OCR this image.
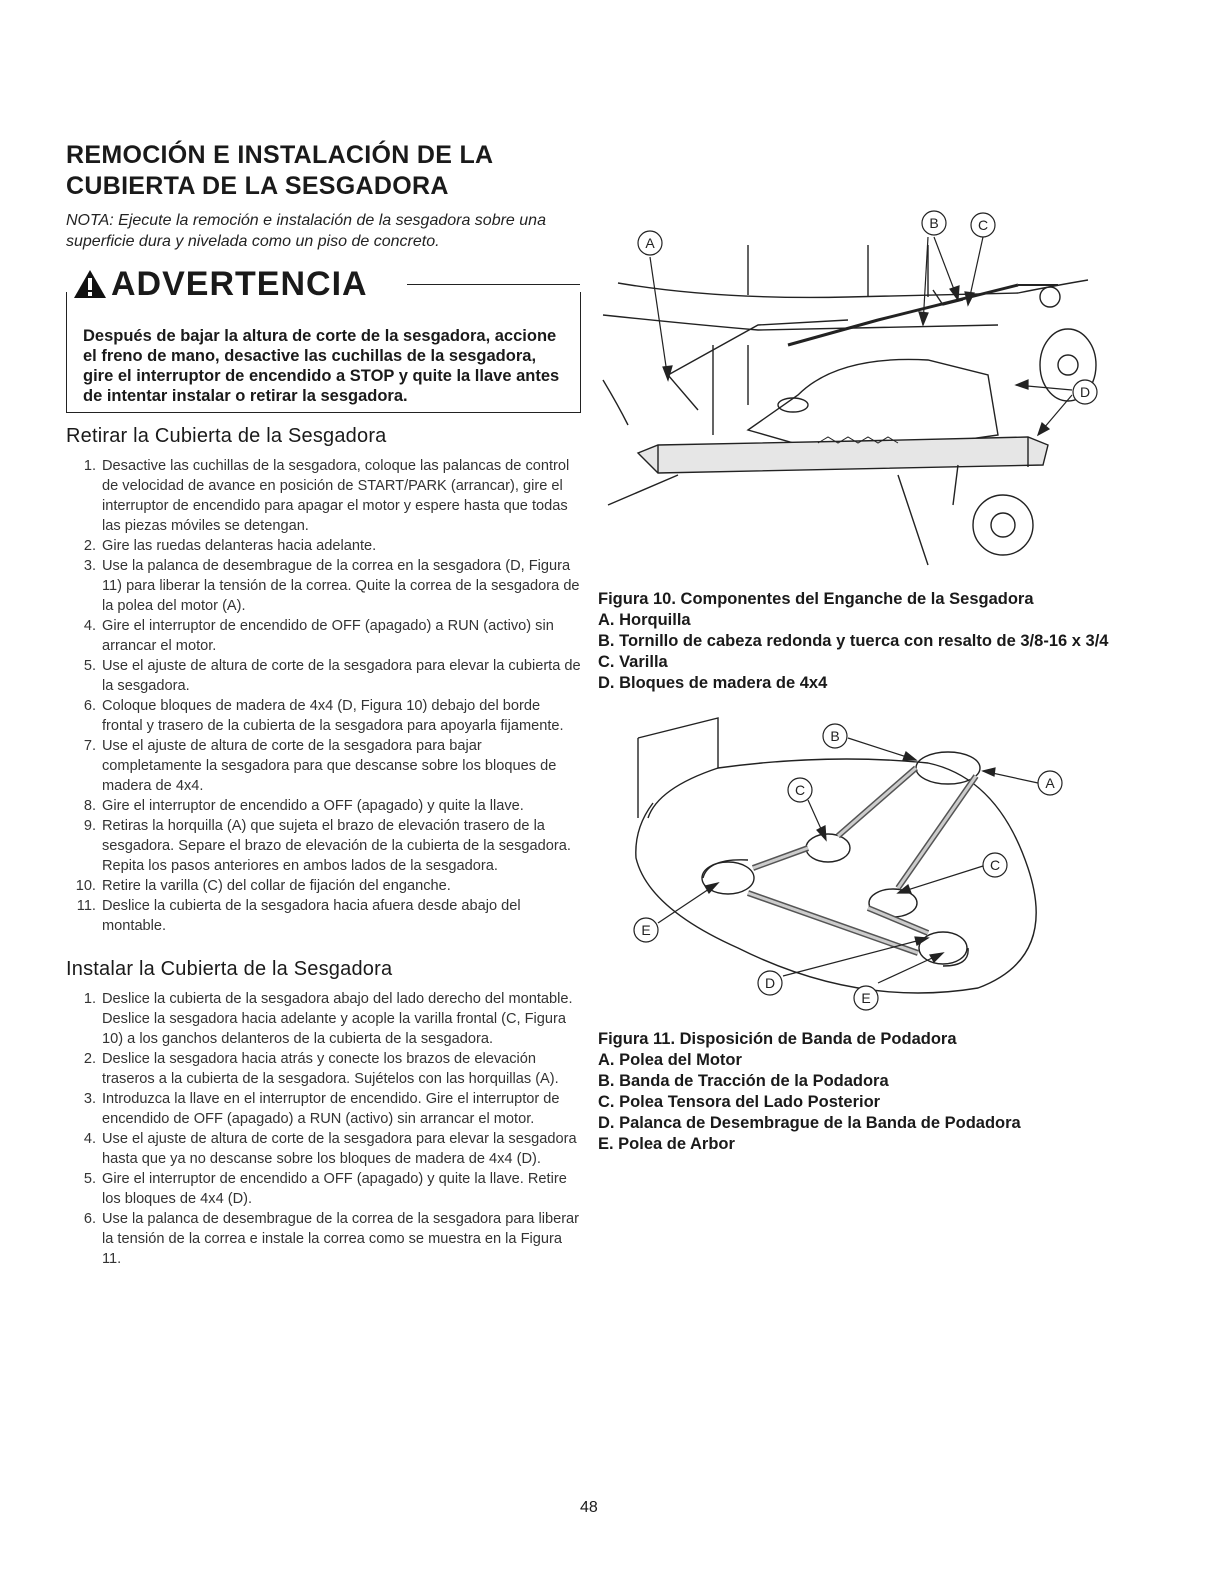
REMOCIÓN E INSTALACIÓN DE LA
CUBIERTA DE LA SESGADORA

NOTA: Ejecute la remoción e instalación de la sesgadora sobre una superficie dura y nivelada como un piso de concreto.

ADVERTENCIA

Después de bajar la altura de corte de la sesgadora, accione el freno de mano, desactive las cuchillas de la sesgadora, gire el interruptor de encendido a STOP y quite la llave antes de intentar instalar o retirar la sesgadora.

Retirar la Cubierta de la Sesgadora
1. Desactive las cuchillas de la sesgadora, coloque las palancas de control de velocidad de avance en posición de START/PARK (arrancar), gire el interruptor de encendido para apagar el motor y espere hasta que todas las piezas móviles se detengan.
2. Gire las ruedas delanteras hacia adelante.
3. Use la palanca de desembrague de la correa en la sesgadora (D, Figura 11) para liberar la tensión de la correa. Quite la correa de la sesgadora de la polea del motor (A).
4. Gire el interruptor de encendido de OFF (apagado) a RUN (activo) sin arrancar el motor.
5. Use el ajuste de altura de corte de la sesgadora para elevar la cubierta de la sesgadora.
6. Coloque bloques de madera de 4x4 (D, Figura 10) debajo del borde frontal y trasero de la cubierta de la sesgadora para apoyarla fijamente.
7. Use el ajuste de altura de corte de la sesgadora para bajar completamente la sesgadora para que descanse sobre los bloques de madera de 4x4.
8. Gire el interruptor de encendido a OFF (apagado) y quite la llave.
9. Retiras la horquilla (A) que sujeta el brazo de elevación trasero de la sesgadora. Separe el brazo de elevación de la cubierta de la sesgadora. Repita los pasos anteriores en ambos lados de la sesgadora.
10. Retire la varilla (C) del collar de fijación del enganche.
11. Deslice la cubierta de la sesgadora hacia afuera desde abajo del montable.
Instalar la Cubierta de la Sesgadora
1. Deslice la cubierta de la sesgadora abajo del lado derecho del montable. Deslice la sesgadora hacia adelante y acople la varilla frontal (C, Figura 10) a los ganchos delanteros de la cubierta de la sesgadora.
2. Deslice la sesgadora hacia atrás y conecte los brazos de elevación traseros a la cubierta de la sesgadora. Sujételos con las horquillas (A).
3. Introduzca la llave en el interruptor de encendido. Gire el interruptor de encendido de OFF (apagado) a RUN (activo) sin arrancar el motor.
4. Use el ajuste de altura de corte de la sesgadora para elevar la sesgadora hasta que ya no descanse sobre los bloques de madera de 4x4 (D).
5. Gire el interruptor de encendido a OFF (apagado) y quite la llave. Retire los bloques de 4x4 (D).
6. Use la palanca de desembrague de la correa de la sesgadora para liberar la tensión de la correa e instale la correa como se muestra en la Figura 11.
A
B	C
D

Figura 10. Componentes del Enganche de la Sesgadora

A. Horquilla
B. Tornillo de cabeza redonda y tuerca con resalto de 3/8-16 x 3/4
C. Varilla
D. Bloques de madera de 4x4
B
A
C
C
E
D
E

Figura 11. Disposición de Banda de Podadora

A. Polea del Motor
B. Banda de Tracción de la Podadora
C. Polea Tensora del Lado Posterior
D. Palanca de Desembrague de la Banda de Podadora
E. Polea de Arbor
48
